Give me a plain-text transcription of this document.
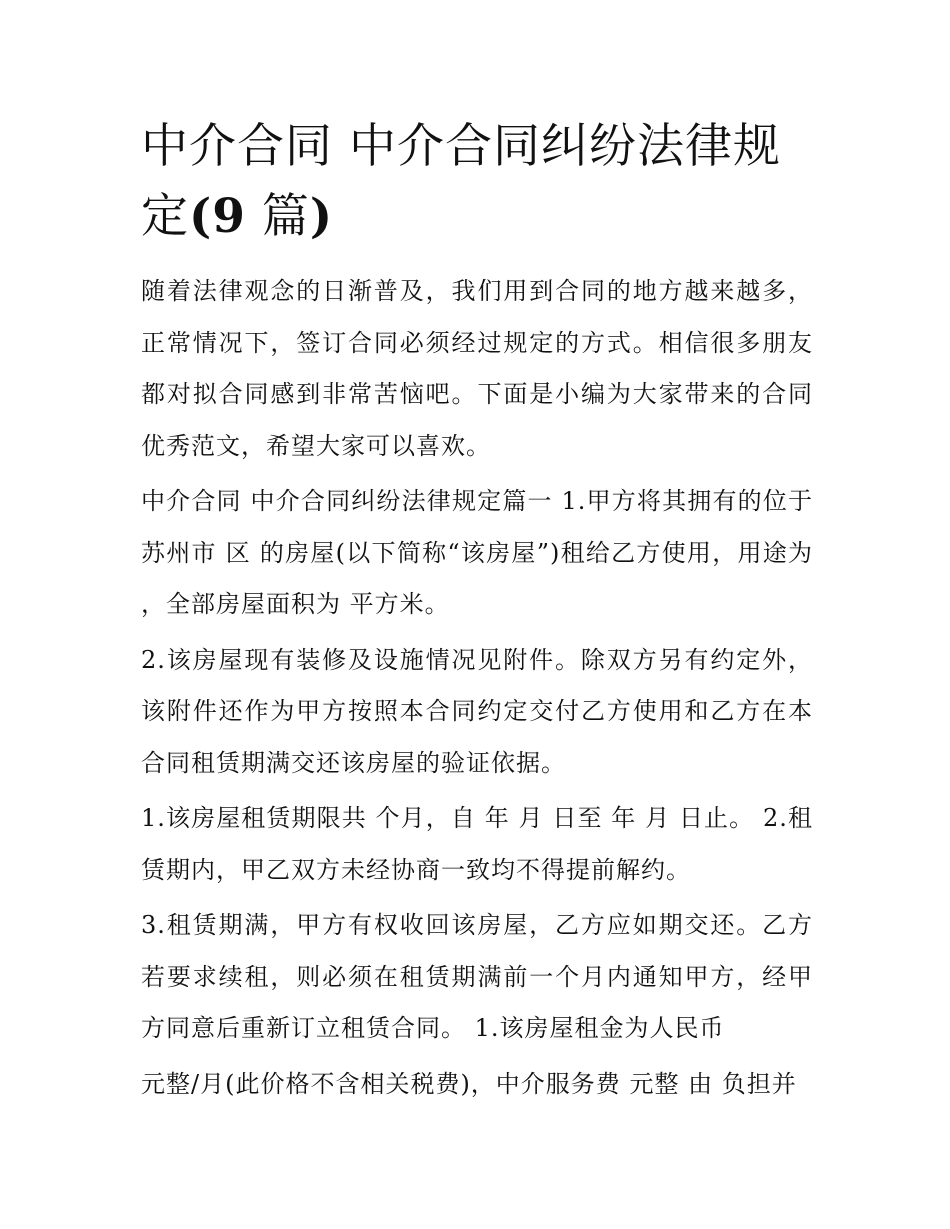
中介合同 中介合同纠纷法律规
定(9 篇)

随着法律观念的日渐普及，我们用到合同的地方越来越多，正常情况下，签订合同必须经过规定的方式。相信很多朋友都对拟合同感到非常苦恼吧。下面是小编为大家带来的合同优秀范文，希望大家可以喜欢。

中介合同 中介合同纠纷法律规定篇一 1.甲方将其拥有的位于苏州市 区 的房屋(以下简称“该房屋”)租给乙方使用，用途为 ，全部房屋面积为 平方米。

2.该房屋现有装修及设施情况见附件。除双方另有约定外，该附件还作为甲方按照本合同约定交付乙方使用和乙方在本合同租赁期满交还该房屋的验证依据。

1.该房屋租赁期限共 个月，自 年 月 日至 年 月 日止。 2.租赁期内，甲乙双方未经协商一致均不得提前解约。

3.租赁期满，甲方有权收回该房屋，乙方应如期交还。乙方若要求续租，则必须在租赁期满前一个月内通知甲方，经甲方同意后重新订立租赁合同。 1.该房屋租金为人民币

元整/月(此价格不含相关税费)，中介服务费 元整 由 负担并
